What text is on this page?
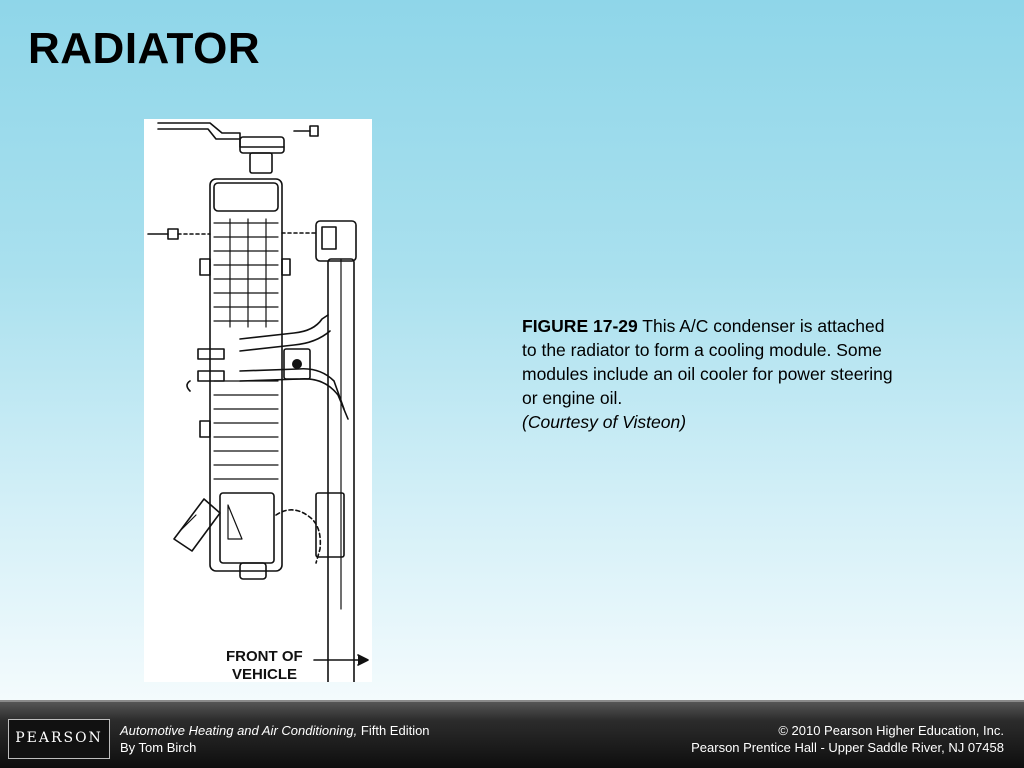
RADIATOR
FRONT OF
VEHICLE

FIGURE 17-29 This A/C condenser is attached to the radiator to form a cooling module. Some modules include an oil cooler for power steering or engine oil.
(Courtesy of Visteon)

PEARSON	Automotive Heating and Air Conditioning, Fifth Edition
By Tom Birch
© 2010 Pearson Higher Education, Inc.
Pearson Prentice Hall - Upper Saddle River, NJ 07458
